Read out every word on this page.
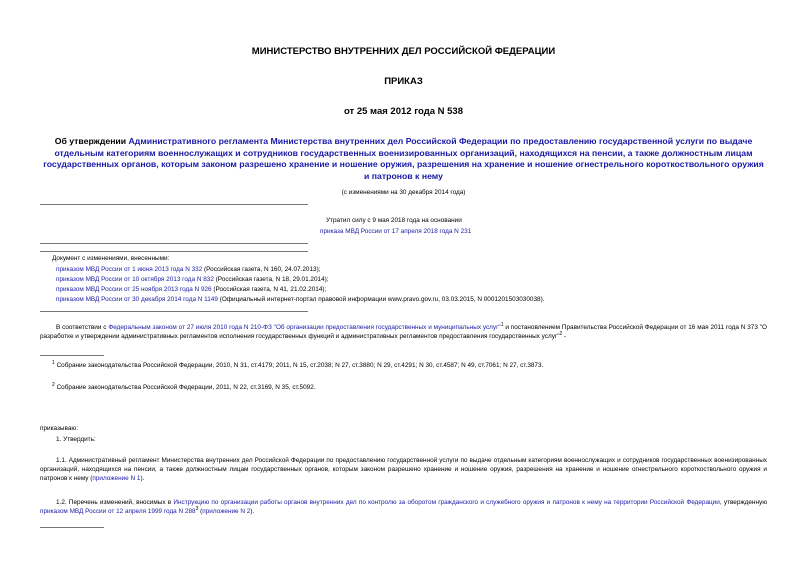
МИНИСТЕРСТВО ВНУТРЕННИХ ДЕЛ РОССИЙСКОЙ ФЕДЕРАЦИИ
ПРИКАЗ
от 25 мая 2012 года N 538
Об утверждении Административного регламента Министерства внутренних дел Российской Федерации по предоставлению государственной услуги по выдаче отдельным категориям военнослужащих и сотрудников государственных военизированных организаций, находящихся на пенсии, а также должностным лицам государственных органов, которым законом разрешено хранение и ношение оружия, разрешения на хранение и ношение огнестрельного короткоствольного оружия и патронов к нему
(с изменениями на 30 декабря 2014 года)
Утратил силу с 9 мая 2018 года на основании
приказа МВД России от 17 апреля 2018 года N 231
Документ с изменениями, внесенными:
приказом МВД России от 1 июня 2013 года N 332 (Российская газета, N 160, 24.07.2013);
приказом МВД России от 10 октября 2013 года N 832 (Российская газета, N 18, 29.01.2014);
приказом МВД России от 25 ноября 2013 года N 926 (Российская газета, N 41, 21.02.2014);
приказом МВД России от 30 декабря 2014 года N 1149 (Официальный интернет-портал правовой информации www.pravo.gov.ru, 03.03.2015, N 0001201503030038).
В соответствии с Федеральным законом от 27 июля 2010 года N 210-ФЗ "Об организации предоставления государственных и муниципальных услуг"$^1$ и постановлением Правительства Российской Федерации от 16 мая 2011 года N 373 "О разработке и утверждении административных регламентов исполнения государственных функций и административных регламентов предоставления государственных услуг"$^2$ -
$^1$ Собрание законодательства Российской Федерации, 2010, N 31, ст.4179; 2011, N 15, ст.2038; N 27, ст.3880; N 29, ст.4291; N 30, ст.4587; N 49, ст.7061; N 27, ст.3873.
$^2$ Собрание законодательства Российской Федерации, 2011, N 22, ст.3169, N 35, ст.5092.
приказываю:
1. Утвердить:
1.1. Административный регламент Министерства внутренних дел Российской Федерации по предоставлению государственной услуги по выдаче отдельным категориям военнослужащих и сотрудников государственных военизированных организаций, находящихся на пенсии, а также должностным лицам государственных органов, которым законом разрешено хранение и ношение оружия, разрешения на хранение и ношение огнестрельного короткоствольного оружия и патронов к нему (приложение N 1).
1.2. Перечень изменений, вносимых в Инструкцию по организации работы органов внутренних дел по контролю за оборотом гражданского и служебного оружия и патронов к нему на территории Российской Федерации, утвержденную приказом МВД России от 12 апреля 1999 года N $288^3$ (приложение N 2).
